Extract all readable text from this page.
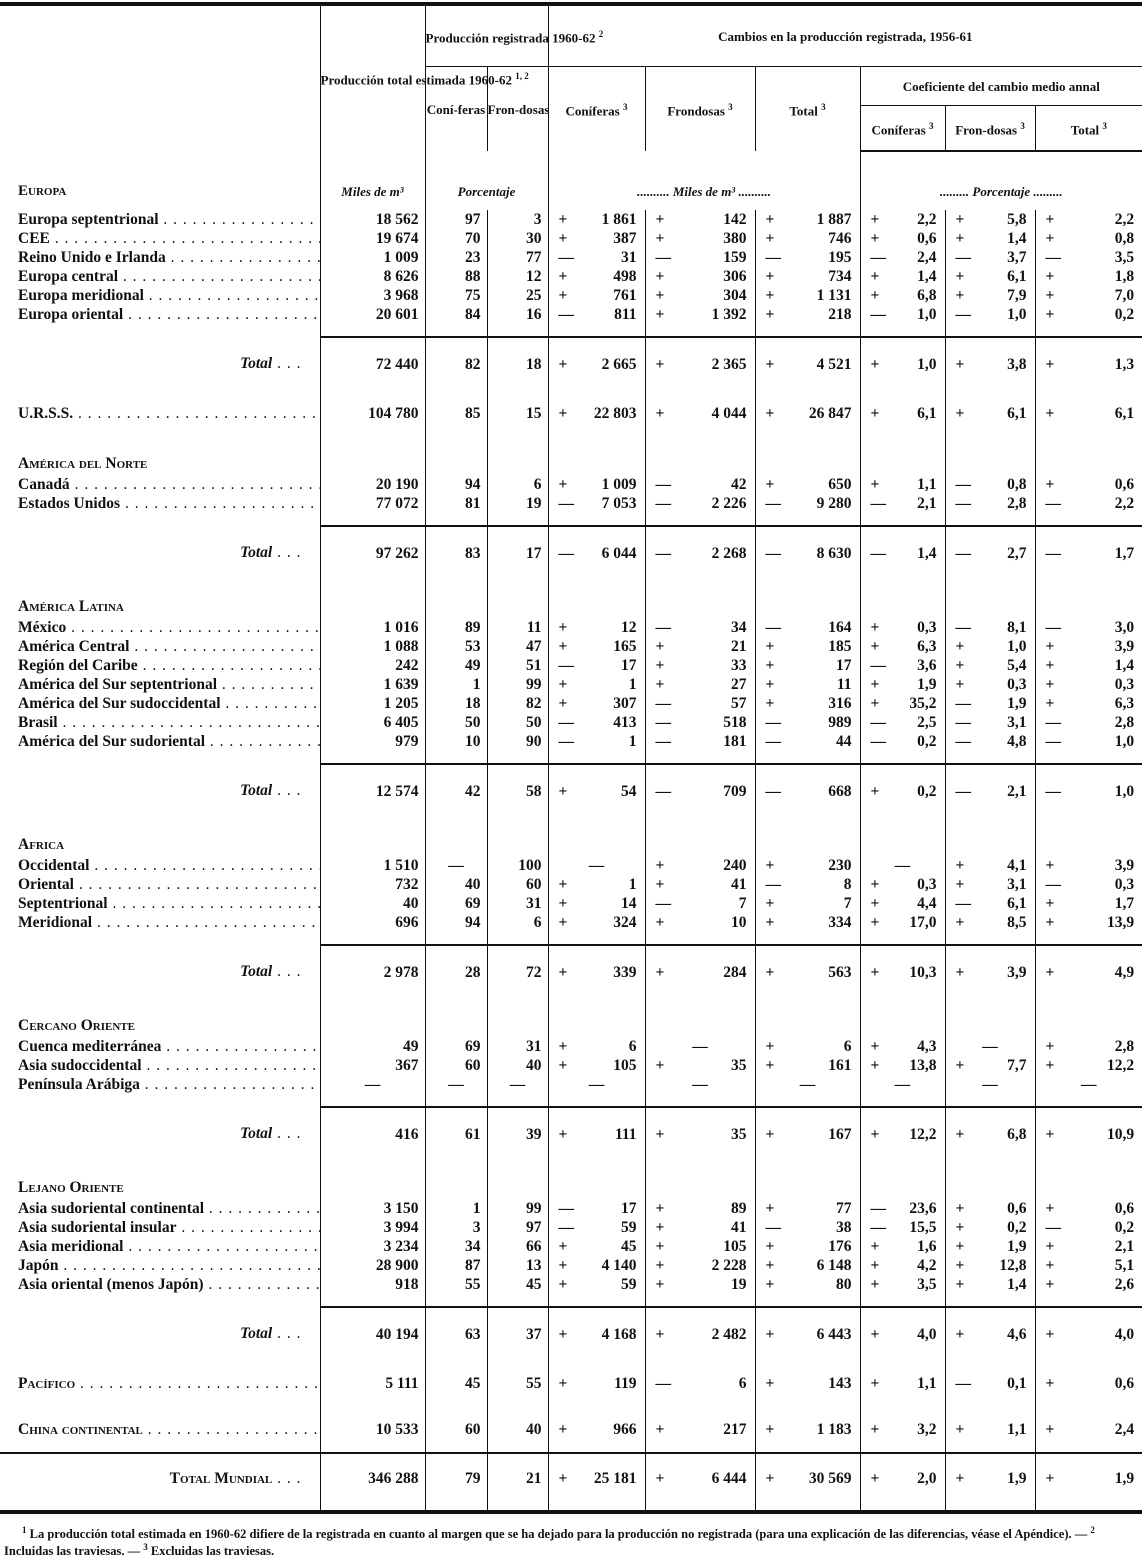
	Producción total estimada 1960-62 $^{1, 2}$	Producción registrada 1960-62 $^2$		Cambios en la producción registrada, 1956-61					
		Coní-feras	Fron-dosas	Coníferas $^3$	Frondosas $^3$	Total $^3$	Coeficiente del cambio medio annal		
							Coníferas $^3$	Fron-dosas $^3$	Total $^3$
Europa	Miles de m³	Porcentaje		.......... Miles de m³ ..........			......... Porcentaje .........		
Europa septentrional . . .	18 562	97	3	+ 1 861	+ 142	+ 1 887	+ 2,2	+ 5,8	+ 2,2
CEE . . .	19 674	70	30	+ 387	+ 380	+ 746	+ 0,6	+ 1,4	+ 0,8
Reino Unido e Irlanda . . .	1 009	23	77	— 31	— 159	— 195	— 2,4	— 3,7	— 3,5
Europa central . . .	8 626	88	12	+ 498	+ 306	+ 734	+ 1,4	+ 6,1	+ 1,8
Europa meridional . . .	3 968	75	25	+ 761	+ 304	+ 1 131	+ 6,8	+ 7,9	+ 7,0
Europa oriental . . .	20 601	84	16	— 811	+ 1 392	+ 218	— 1,0	— 1,0	+ 0,2

Total . . .	72 440	82	18	+ 2 665	+ 2 365	+ 4 521	+ 1,0	+ 3,8	+ 1,3
U.R.S.S. . . .	104 780	85	15	+ 22 803	+ 4 044	+ 26 847	+ 6,1	+ 6,1	+ 6,1
América del Norte									
Canadá . . .	20 190	94	6	+ 1 009	— 42	+ 650	+ 1,1	— 0,8	+ 0,6
Estados Unidos . . .	77 072	81	19	— 7 053	— 2 226	— 9 280	— 2,1	— 2,8	— 2,2

Total . . .	97 262	83	17	— 6 044	— 2 268	— 8 630	— 1,4	— 2,7	— 1,7
América Latina									
México . . .	1 016	89	11	+ 12	— 34	— 164	+ 0,3	— 8,1	— 3,0
América Central . . .	1 088	53	47	+ 165	+ 21	+ 185	+ 6,3	+ 1,0	+ 3,9
Región del Caribe . . .	242	49	51	— 17	+ 33	+ 17	— 3,6	+ 5,4	+ 1,4
América del Sur septentrional . . .	1 639	1	99	+ 1	+ 27	+ 11	+ 1,9	+ 0,3	+ 0,3
América del Sur sudoccidental . . .	1 205	18	82	+ 307	— 57	+ 316	+ 35,2	— 1,9	+ 6,3
Brasil . . .	6 405	50	50	— 413	— 518	— 989	— 2,5	— 3,1	— 2,8
América del Sur sudoriental . . .	979	10	90	— 1	— 181	— 44	— 0,2	— 4,8	— 1,0

Total . . .	12 574	42	58	+ 54	— 709	— 668	+ 0,2	— 2,1	— 1,0
Africa									
Occidental . . .	1 510	—	100	—	+ 240	+ 230	—	+ 4,1	+ 3,9
Oriental . . .	732	40	60	+ 1	+ 41	— 8	+ 0,3	+ 3,1	— 0,3
Septentrional . . .	40	69	31	+ 14	— 7	+ 7	+ 4,4	— 6,1	+ 1,7
Meridional . . .	696	94	6	+ 324	+ 10	+ 334	+ 17,0	+ 8,5	+ 13,9

Total . . .	2 978	28	72	+ 339	+ 284	+ 563	+ 10,3	+ 3,9	+ 4,9
Cercano Oriente									
Cuenca mediterránea . . .	49	69	31	+ 6	—	+ 6	+ 4,3	—	+ 2,8
Asia sudoccidental . . .	367	60	40	+ 105	+ 35	+ 161	+ 13,8	+ 7,7	+ 12,2
Península Arábiga . . .	—	—	—	—	—	—	—	—	—

Total . . .	416	61	39	+ 111	+ 35	+ 167	+ 12,2	+ 6,8	+ 10,9
Lejano Oriente									
Asia sudoriental continental . . .	3 150	1	99	— 17	+ 89	+ 77	— 23,6	+ 0,6	+ 0,6
Asia sudoriental insular . . .	3 994	3	97	— 59	+ 41	— 38	— 15,5	+ 0,2	— 0,2
Asia meridional . . .	3 234	34	66	+ 45	+ 105	+ 176	+ 1,6	+ 1,9	+ 2,1
Japón . . .	28 900	87	13	+ 4 140	+ 2 228	+ 6 148	+ 4,2	+ 12,8	+ 5,1
Asia oriental (menos Japón) . . .	918	55	45	+ 59	+ 19	+ 80	+ 3,5	+ 1,4	+ 2,6

Total . . .	40 194	63	37	+ 4 168	+ 2 482	+ 6 443	+ 4,0	+ 4,6	+ 4,0
Pacífico . . .	5 111	45	55	+ 119	— 6	+ 143	+ 1,1	— 0,1	+ 0,6
China continental . . .	10 533	60	40	+ 966	+ 217	+ 1 183	+ 3,2	+ 1,1	+ 2,4
Total Mundial . . .	346 288	79	21	+ 25 181	+ 6 444	+ 30 569	+ 2,0	+ 1,9	+ 1,9

$^1$ La producción total estimada en 1960-62 difiere de la registrada en cuanto al margen que se ha dejado para la producción no registrada (para una explicación de las diferencias, véase el Apéndice). — $^2$ Incluidas las traviesas. — $^3$ Excluidas las traviesas.
